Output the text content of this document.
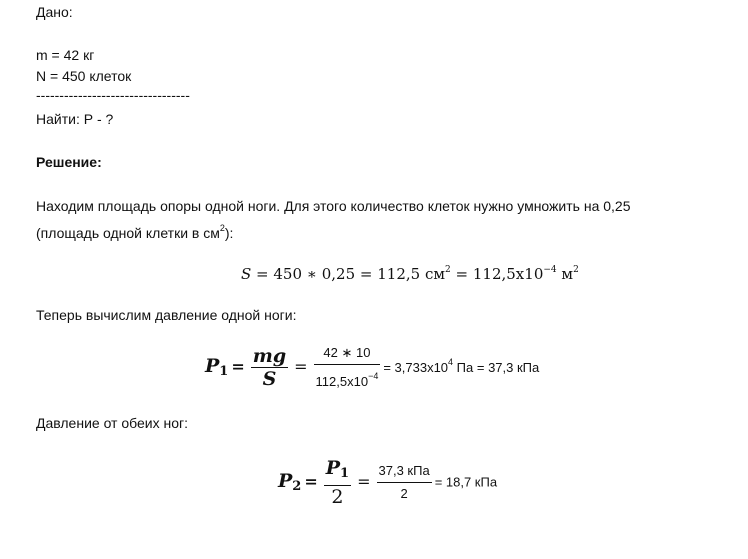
Дано:
m = 42 кг
N = 450 клеток
---------------------------------
Найти: Р - ?
Решение:
Находим площадь опоры одной ноги. Для этого количество клеток нужно умножить на 0,25
(площадь одной клетки в $см^2$):
S = 450 ∗ 0,25 = 112,5 $см^2 = 112,5х10^{-4}$ $м^2$
Теперь вычислим давление одной ноги:
$P1 = \frac{mg}{S} = \frac{42 ∗ 10}{112,5х10^{-4}} = 3,733х10^4$ Па = 37,3 кПа
Давление от обеих ног:
$P2 = \frac{P1}{2} = \frac{\text{37,3 кПа}}{2} = 18,7$ кПа
